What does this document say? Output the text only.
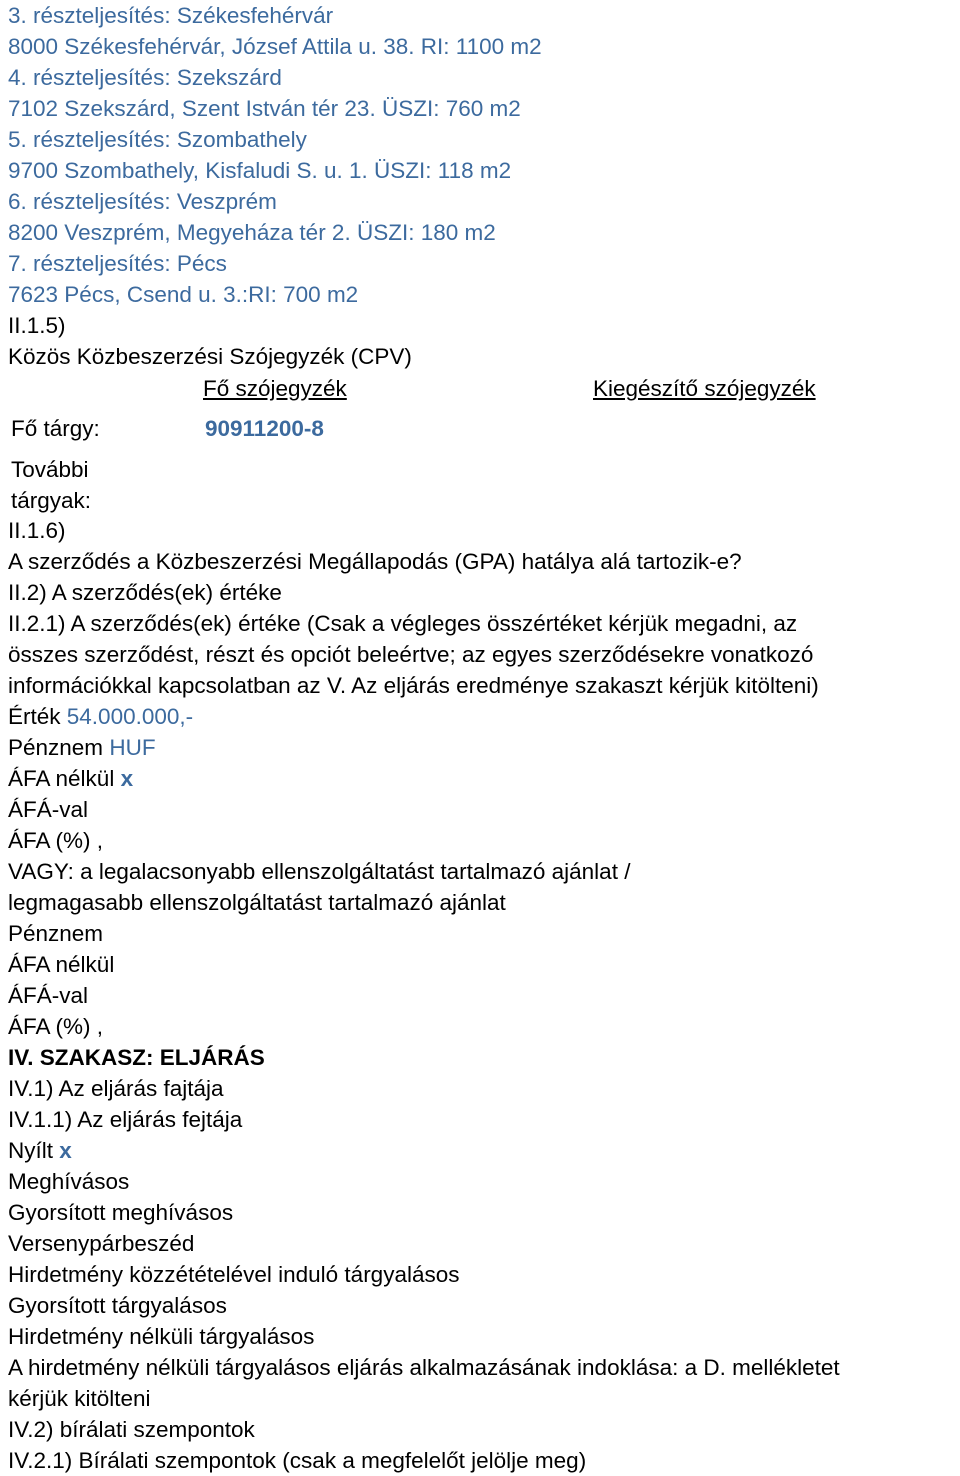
3. részteljesítés: Székesfehérvár
8000 Székesfehérvár, József Attila u. 38. RI: 1100 m2
4. részteljesítés: Szekszárd
7102 Szekszárd, Szent István tér 23. ÜSZI: 760 m2
5. részteljesítés: Szombathely
9700 Szombathely, Kisfaludi S. u. 1. ÜSZI: 118 m2
6. részteljesítés: Veszprém
8200 Veszprém, Megyeháza tér 2. ÜSZI: 180 m2
7. részteljesítés: Pécs
7623 Pécs, Csend u. 3.:RI: 700 m2
II.1.5)
Közös Közbeszerzési Szójegyzék (CPV)
Fő szójegyzék	Kiegészítő szójegyzék
Fő tárgy:	90911200-8
További tárgyak:
II.1.6)
A szerződés a Közbeszerzési Megállapodás (GPA) hatálya alá tartozik-e?
II.2) A szerződés(ek) értéke
II.2.1) A szerződés(ek) értéke (Csak a végleges összértéket kérjük megadni, az
összes szerződést, részt és opciót beleértve; az egyes szerződésekre vonatkozó
információkkal kapcsolatban az V. Az eljárás eredménye szakaszt kérjük kitölteni)
Érték 54.000.000,-
Pénznem HUF
ÁFA nélkül x
ÁFÁ-val
ÁFA (%) ,
VAGY: a legalacsonyabb ellenszolgáltatást tartalmazó ajánlat /
legmagasabb ellenszolgáltatást tartalmazó ajánlat
Pénznem
ÁFA nélkül
ÁFÁ-val
ÁFA (%) ,
IV. SZAKASZ: ELJÁRÁS
IV.1) Az eljárás fajtája
IV.1.1) Az eljárás fejtája
Nyílt x
Meghívásos
Gyorsított meghívásos
Versenypárbeszéd
Hirdetmény közzétételével induló tárgyalásos
Gyorsított tárgyalásos
Hirdetmény nélküli tárgyalásos
A hirdetmény nélküli tárgyalásos eljárás alkalmazásának indoklása: a D. mellékletet
kérjük kitölteni
IV.2) bírálati szempontok
IV.2.1) Bírálati szempontok (csak a megfelelőt jelölje meg)
